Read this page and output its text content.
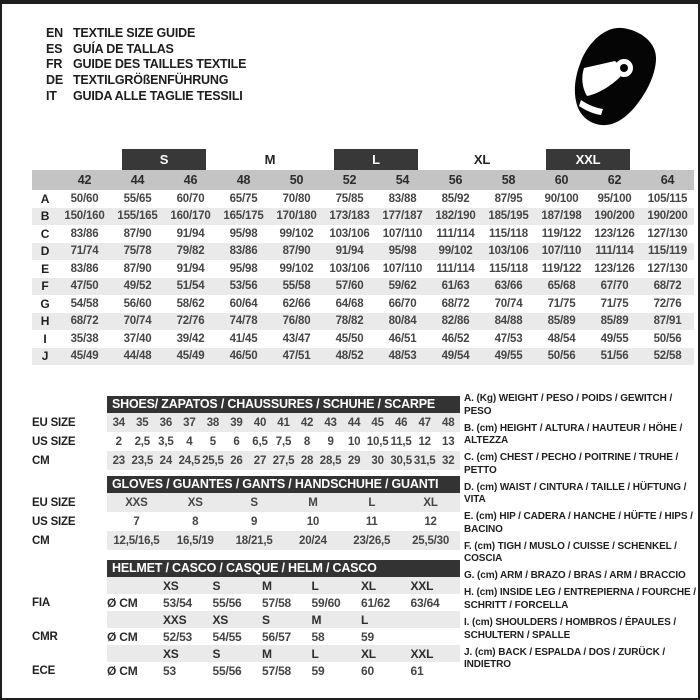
EN TEXTILE SIZE GUIDE
ES GUÍA DE TALLAS
FR GUIDE DES TAILLES TEXTILE
DE TEXTILGRÖßENFÜHRUNG
IT	GUIDA ALLE TAGLIE TESSILI
S	M	L	XL	XXL
42	44	46	48	50	52	54	56	58	60	62	64
A	50/60	55/65	60/70	65/75	70/80	75/85	83/88	85/92	87/95	90/100	95/100	105/115
B	150/160	155/165	160/170	165/175	170/180	173/183	177/187	182/190	185/195	187/198	190/200	190/200
C	83/86	87/90	91/94	95/98	99/102	103/106	107/110	111/114	115/118	119/122	123/126	127/130
D	71/74	75/78	79/82	83/86	87/90	91/94	95/98	99/102	103/106	107/110	111/114	115/119
E	83/86	87/90	91/94	95/98	99/102	103/106	107/110	111/114	115/118	119/122	123/126	127/130
F	47/50	49/52	51/54	53/56	55/58	57/60	59/62	61/63	63/66	65/68	67/70	68/72
G	54/58	56/60	58/62	60/64	62/66	64/68	66/70	68/72	70/74	71/75	71/75	72/76
H	68/72	70/74	72/76	74/78	76/80	78/82	80/84	82/86	84/88	85/89	85/89	87/91
I	35/38	37/40	39/42	41/45	43/47	45/50	46/51	46/52	47/53	48/54	49/55	50/56
J	45/49	44/48	45/49	46/50	47/51	48/52	48/53	49/54	49/55	50/56	51/56	52/58
SHOES/ ZAPATOS / CHAUSSURES / SCHUHE / SCARPE
EU SIZE	34 35 36 37 38 39 40 41 42 43 44 45 46 47 48
US SIZE	2	2,5 3,5	4	5	6	6,5 7,5	8	9	10 10,5 11,5 12 13
CM	23 23,5 24 24,5 25,5 26 27 27,5 28 28,5 29 30 30,5 31,5 32
GLOVES / GUANTES / GANTS / HANDSCHUHE / GUANTI
EU SIZE	XXS	XS	S	M	L	XL
US SIZE	7	8	9	10	11	12
CM	12,5/16,5	16,5/19	18/21,5	20/24	23/26,5	25,5/30
HELMET / CASCO / CASQUE / HELM / CASCO
XS	S	M	L	XL	XXL
FIA	Ø CM	53/54	55/56	57/58	59/60	61/62	63/64
XXS	XS	S	M	L
CMR	Ø CM	52/53	54/55	56/57	58	59
XS	S	M	L	XL	XXL
ECE	Ø CM	53	55/56	57/58	59	60	61
A. (Kg) WEIGHT / PESO / POIDS / GEWITCH / PESO
B. (cm) HEIGHT / ALTURA / HAUTEUR / HÖHE / ALTEZZA
C. (cm) CHEST / PECHO / POITRINE / TRUHE / PETTO
D. (cm) WAIST / CINTURA / TAILLE / HÜFTUNG / VITA
E. (cm) HIP / CADERA / HANCHE / HÜFTE / HIPS / BACINO
F. (cm) TIGH / MUSLO / CUISSE / SCHENKEL / COSCIA
G. (cm) ARM / BRAZO / BRAS / ARM / BRACCIO
H. (cm) INSIDE LEG / ENTREPIERNA / FOURCHE / SCHRITT / FORCELLA
I. (cm) SHOULDERS / HOMBROS / ÉPAULES / SCHULTERN / SPALLE
J. (cm) BACK / ESPALDA / DOS / ZURÜCK / INDIETRO
